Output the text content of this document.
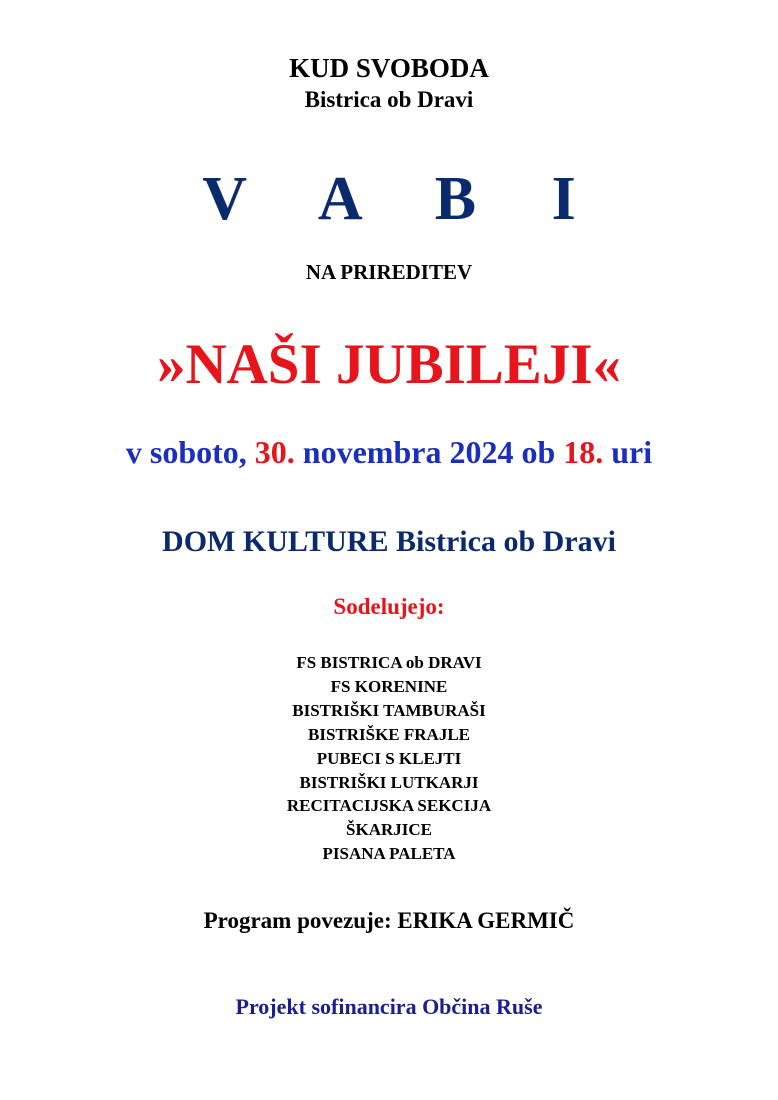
KUD SVOBODA
Bistrica ob Dravi
V A B I
NA PRIREDITEV
»NAŠI JUBILEJI«
v soboto, 30. novembra 2024 ob 18. uri
DOM KULTURE Bistrica ob Dravi
Sodelujejo:
FS BISTRICA ob DRAVI
FS KORENINE
BISTRIŠKI TAMBURAŠI
BISTRIŠKE FRAJLE
PUBECI S KLEJTI
BISTRIŠKI LUTKARJI
RECITACIJSKA SEKCIJA
ŠKARJICE
PISANA PALETA
Program povezuje: ERIKA GERMIČ
Projekt sofinancira Občina Ruše
